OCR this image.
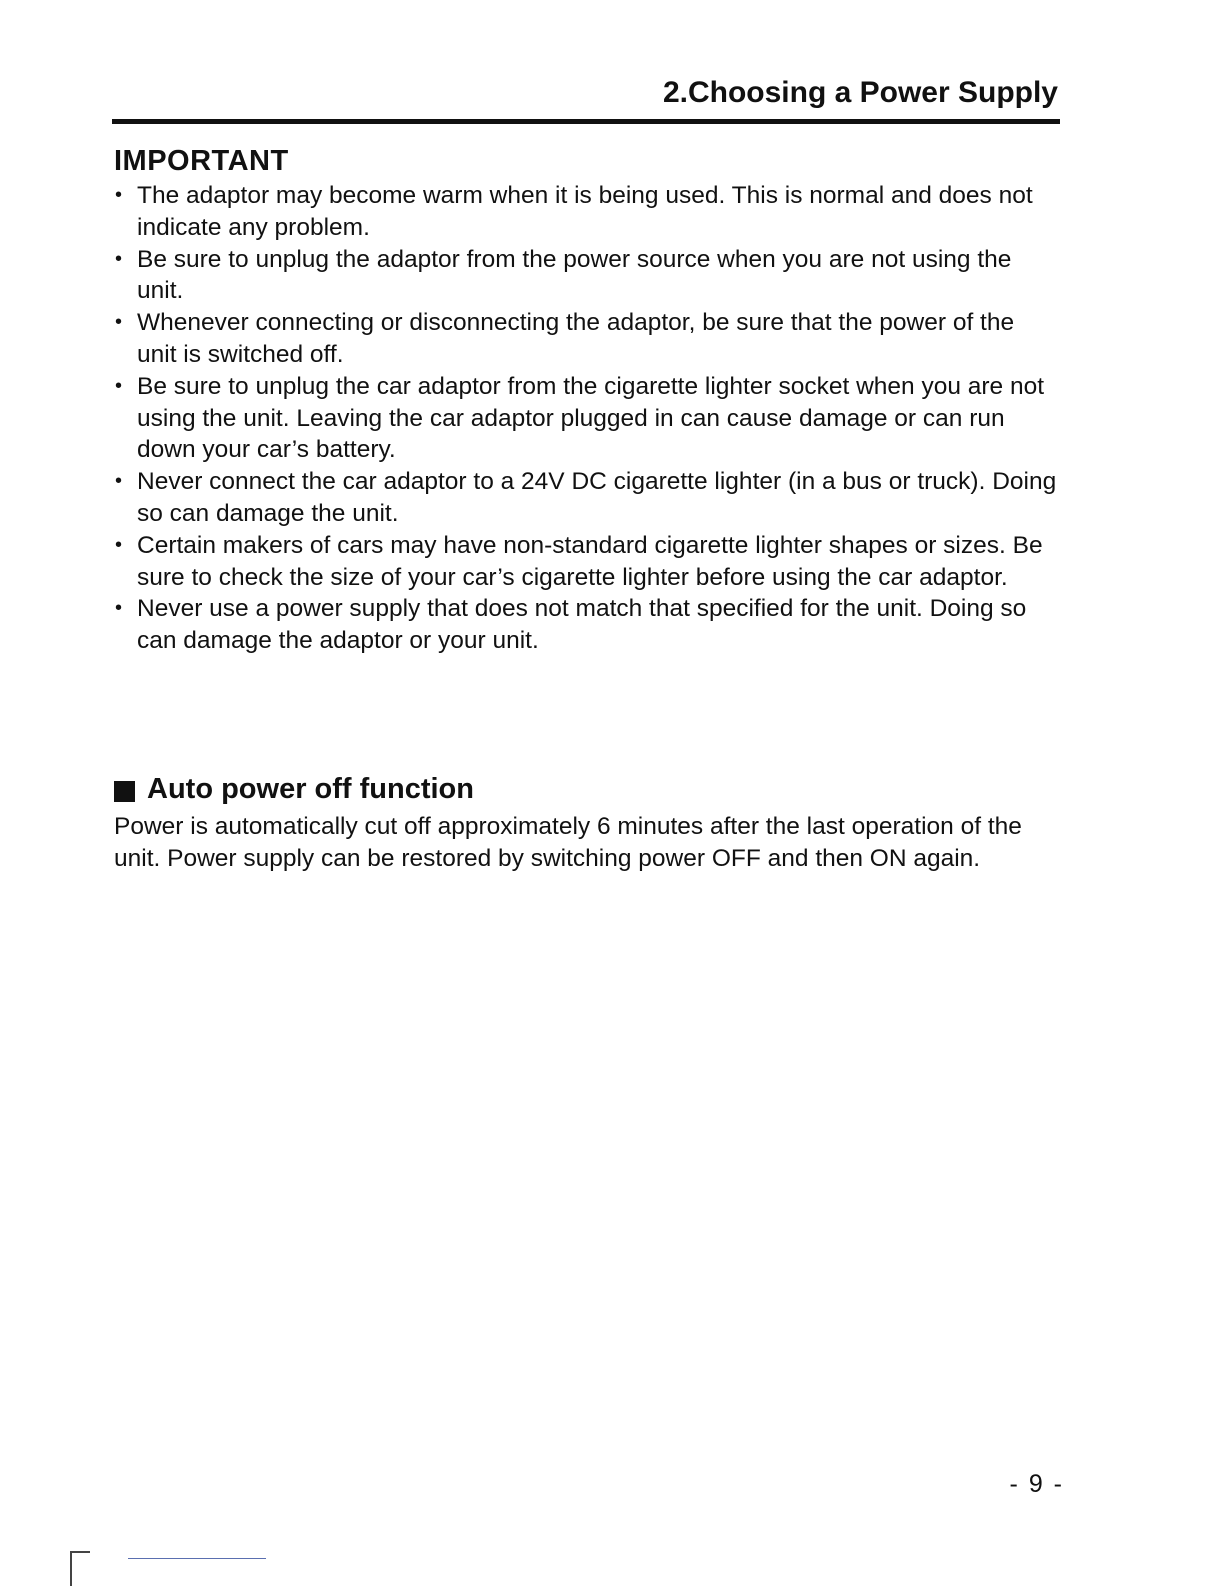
2.Choosing a Power Supply
IMPORTANT
• The adaptor may become warm when it is being used. This is normal and does not indicate any problem.
• Be sure to unplug the adaptor from the power source when you are not using the unit.
• Whenever connecting or disconnecting the adaptor, be sure that the power of the unit is switched off.
• Be sure to unplug the car adaptor from the cigarette lighter socket when you are not using the unit. Leaving the car adaptor plugged in can cause damage or can run down your car’s battery.
• Never connect the car adaptor to a 24V DC cigarette lighter (in a bus or truck). Doing so can damage the unit.
• Certain makers of cars may have non-standard cigarette lighter shapes or sizes. Be sure to check the size of your car’s cigarette lighter before using the car adaptor.
• Never use a power supply that does not match that specified for the unit. Doing so can damage the adaptor or your unit.
Auto power off function

Power is automatically cut off approximately 6 minutes after the last operation of the unit. Power supply can be restored by switching power OFF and then ON again.

- 9 -
